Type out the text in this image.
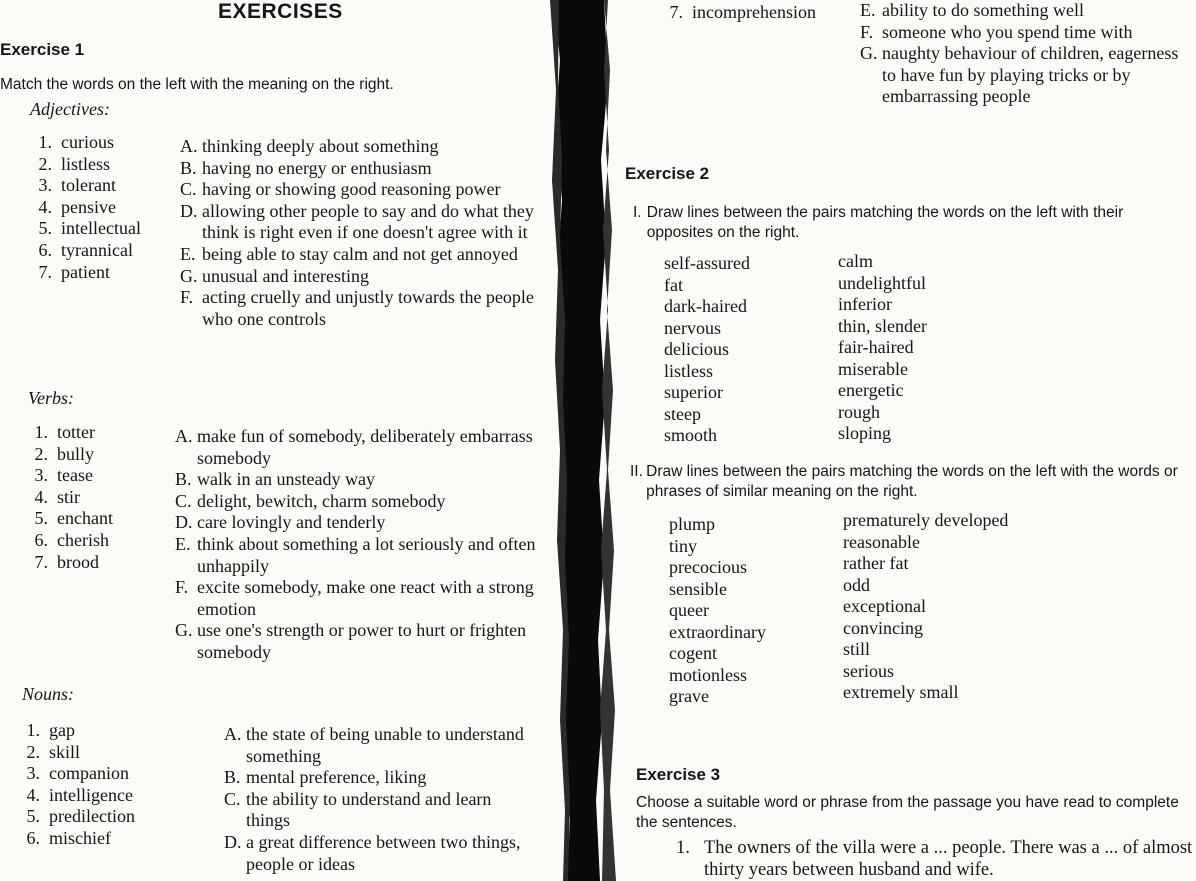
EXERCISES
Exercise 1
Match the words on the left with the meaning on the right.
Adjectives:
1. curious
2. listless
3. tolerant
4. pensive
5. intellectual
6. tyrannical
7. patient
A. thinking deeply about something
B. having no energy or enthusiasm
C. having or showing good reasoning power
D. allowing other people to say and do what they think is right even if one doesn't agree with it
E. being able to stay calm and not get annoyed
G. unusual and interesting
F. acting cruelly and unjustly towards the people who one controls
Verbs:
1. totter
2. bully
3. tease
4. stir
5. enchant
6. cherish
7. brood
A. make fun of somebody, deliberately embarrass somebody
B. walk in an unsteady way
C. delight, bewitch, charm somebody
D. care lovingly and tenderly
E. think about something a lot seriously and often unhappily
F. excite somebody, make one react with a strong emotion
G. use one's strength or power to hurt or frighten somebody
Nouns:
1. gap
2. skill
3. companion
4. intelligence
5. predilection
6. mischief
A. the state of being unable to understand something
B. mental preference, liking
C. the ability to understand and learn things
D. a great difference between two things, people or ideas
7. incomprehension E. ability to do something well
F. someone who you spend time with
G. naughty behaviour of children, eagerness to have fun by playing tricks or by embarrassing people
Exercise 2
I. Draw lines between the pairs matching the words on the left with their opposites on the right.
self-assured
fat
dark-haired
nervous
delicious
listless
superior
steep
smooth
calm
undelightful
inferior
thin, slender
fair-haired
miserable
energetic
rough
sloping
II. Draw lines between the pairs matching the words on the left with the words or phrases of similar meaning on the right.
plump
tiny
precocious
sensible
queer
extraordinary
cogent
motionless
grave
prematurely developed
reasonable
rather fat
odd
exceptional
convincing
still
serious
extremely small
Exercise 3
Choose a suitable word or phrase from the passage you have read to complete the sentences.
1. The owners of the villa were a ... people. There was a ... of almost thirty years between husband and wife.
